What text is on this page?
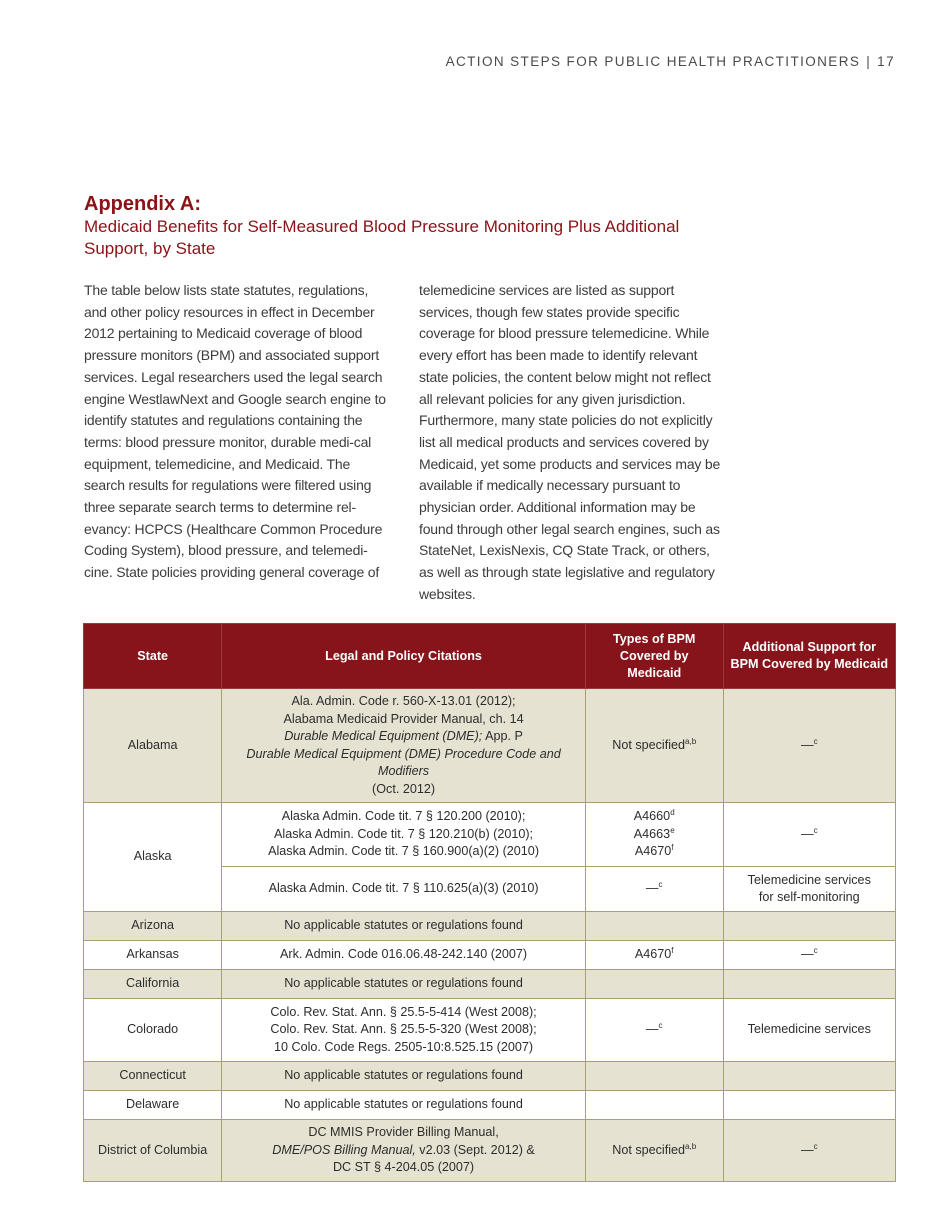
ACTION STEPS FOR PUBLIC HEALTH PRACTITIONERS | 17
Appendix A:
Medicaid Benefits for Self-Measured Blood Pressure Monitoring Plus Additional Support, by State
The table below lists state statutes, regulations, and other policy resources in effect in December 2012 pertaining to Medicaid coverage of blood pressure monitors (BPM) and associated support services. Legal researchers used the legal search engine WestlawNext and Google search engine to identify statutes and regulations containing the terms: blood pressure monitor, durable medi-cal equipment, telemedicine, and Medicaid. The search results for regulations were filtered using three separate search terms to determine rel-evancy: HCPCS (Healthcare Common Procedure Coding System), blood pressure, and telemedi-cine. State policies providing general coverage of
telemedicine services are listed as support services, though few states provide specific coverage for blood pressure telemedicine. While every effort has been made to identify relevant state policies, the content below might not reflect all relevant policies for any given jurisdiction. Furthermore, many state policies do not explicitly list all medical products and services covered by Medicaid, yet some products and services may be available if medically necessary pursuant to physician order. Additional information may be found through other legal search engines, such as StateNet, LexisNexis, CQ State Track, or others, as well as through state legislative and regulatory websites.
State	Legal and Policy Citations	Types of BPM Covered by Medicaid	Additional Support for BPM Covered by Medicaid
Alabama	Ala. Admin. Code r. 560-X-13.01 (2012);
Alabama Medicaid Provider Manual, ch. 14
Durable Medical Equipment (DME); App. P
Durable Medical Equipment (DME) Procedure Code and Modifiers
(Oct. 2012)	Not specified$^{a,b}$	—$^c$
Alaska	Alaska Admin. Code tit. 7 § 120.200 (2010);
Alaska Admin. Code tit. 7 § 120.210(b) (2010);
Alaska Admin. Code tit. 7 § 160.900(a)(2) (2010)	A4660$^d$
A4663e
A4670$^f$	—$^c$
	Alaska Admin. Code tit. 7 § 110.625(a)(3) (2010)	—$^c$	Telemedicine services
for self-monitoring
Arizona	No applicable statutes or regulations found		
Arkansas	Ark. Admin. Code 016.06.48-242.140 (2007)	A4670$^f$	—$^c$
California	No applicable statutes or regulations found		
Colorado	Colo. Rev. Stat. Ann. § 25.5-5-414 (West 2008);
Colo. Rev. Stat. Ann. § 25.5-5-320 (West 2008);
10 Colo. Code Regs. 2505-10:8.525.15 (2007)	—$^c$	Telemedicine services
Connecticut	No applicable statutes or regulations found		
Delaware	No applicable statutes or regulations found		
District of Columbia	DC MMIS Provider Billing Manual,
DME/POS Billing Manual, v2.03 (Sept. 2012) &
DC ST § 4-204.05 (2007)	Not specified$^{a,b}$	—$^c$
